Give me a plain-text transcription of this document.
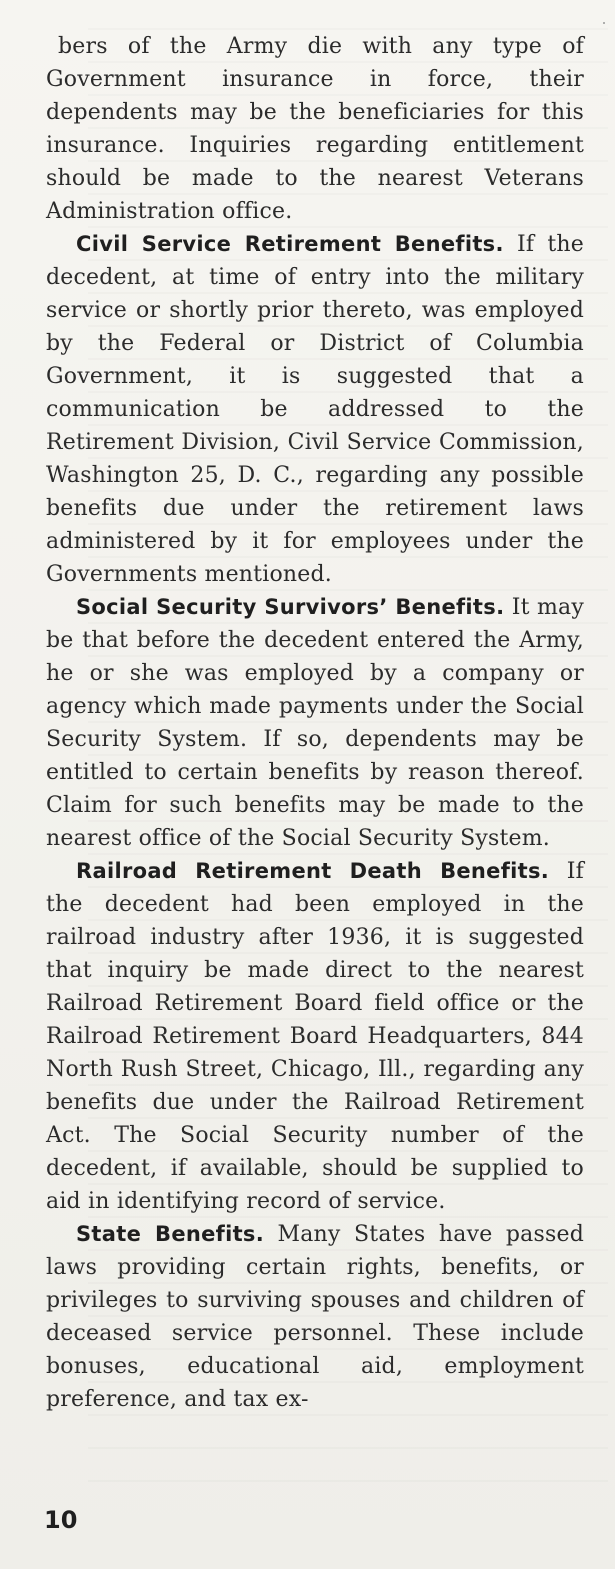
bers of the Army die with any type of Government insurance in force, their dependents may be the beneficiaries for this insurance. Inquiries regarding entitlement should be made to the nearest Veterans Administration office.

Civil Service Retirement Benefits. If the decedent, at time of entry into the military service or shortly prior thereto, was employed by the Federal or District of Columbia Government, it is suggested that a communication be addressed to the Retirement Division, Civil Service Commission, Washington 25, D. C., regarding any possible benefits due under the retirement laws administered by it for employees under the Governments mentioned.

Social Security Survivors’ Benefits. It may be that before the decedent entered the Army, he or she was employed by a company or agency which made payments under the Social Security System. If so, dependents may be entitled to certain benefits by reason thereof. Claim for such benefits may be made to the nearest office of the Social Security System.

Railroad Retirement Death Benefits. If the decedent had been employed in the railroad industry after 1936, it is suggested that inquiry be made direct to the nearest Railroad Retirement Board field office or the Railroad Retirement Board Headquarters, 844 North Rush Street, Chicago, Ill., regarding any benefits due under the Railroad Retirement Act. The Social Security number of the decedent, if available, should be supplied to aid in identifying record of service.

State Benefits. Many States have passed laws providing certain rights, benefits, or privileges to surviving spouses and children of deceased service personnel. These include bonuses, educational aid, employment preference, and tax ex-

10
